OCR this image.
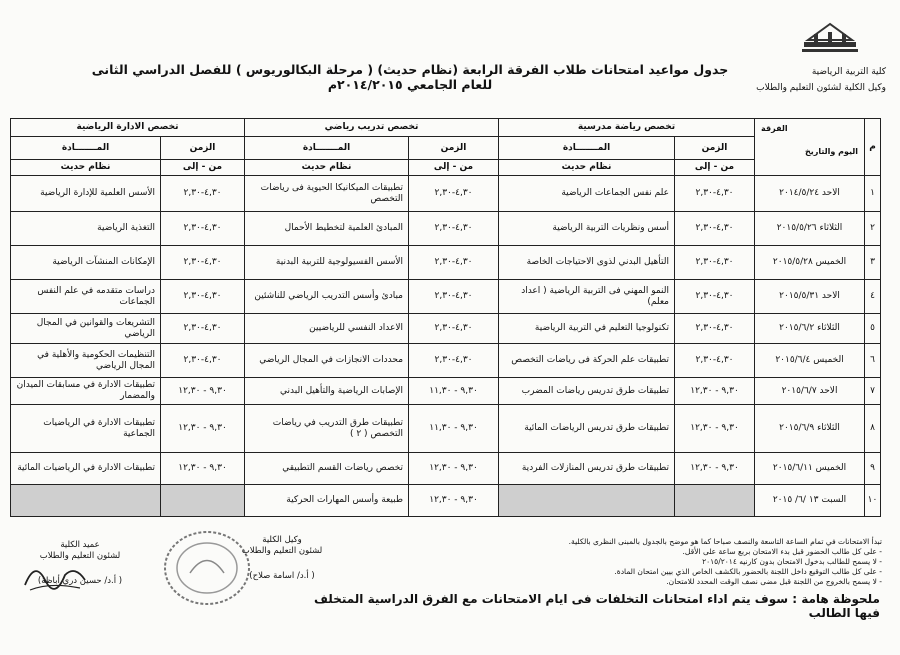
كلية التربية الرياضية
وكيل الكلية لشئون التعليم والطلاب
جدول مواعيد امتحانات طلاب الفرقة الرابعة (نظام حديث) ( مرحلة البكالوريوس ) للفصل الدراسي الثانى للعام الجامعي ٢٠١٤/٢٠١٥م
م	الفرقة
اليوم والتاريخ	تخصص رياضة مدرسية		تخصص تدريب رياضي		تخصص الادارة الرياضية	
		الزمن	المـــــــادة	الزمن	المـــــــادة	الزمن	المـــــــادة
		من - إلى	نظام حديث	من - إلى	نظام حديث	من - إلى	نظام حديث
١	الاحد ٢٠١٤/٥/٢٤	٤,٣٠-٢,٣٠	علم نفس الجماعات الرياضية	٤,٣٠-٢,٣٠	تطبيقات الميكانيكا الحيوية فى رياضات التخصص	٤,٣٠-٢,٣٠	الأسس العلمية للإدارة الرياضية
٢	الثلاثاء ٢٠١٥/٥/٢٦	٤,٣٠-٢,٣٠	أسس ونظريات التربية الرياضية	٤,٣٠-٢,٣٠	المبادئ العلمية لتخطيط الأحمال	٤,٣٠-٢,٣٠	التغذية الرياضية
٣	الخميس ٢٠١٥/٥/٢٨	٤,٣٠-٢,٣٠	التأهيل البدني لذوى الاحتياجات الخاصة	٤,٣٠-٢,٣٠	الأسس الفسيولوجية للتربية البدنية	٤,٣٠-٢,٣٠	الإمكانات المنشآت الرياضية
٤	الاحد ٢٠١٥/٥/٣١	٤,٣٠-٢,٣٠	النمو المهني فى التربية الرياضية ( اعداد معلم)	٤,٣٠-٢,٣٠	مبادئ وأسس التدريب الرياضي للناشئين	٤,٣٠-٢,٣٠	دراسات متقدمه في علم النفس الجماعات
٥	الثلاثاء ٢٠١٥/٦/٢	٤,٣٠-٢,٣٠	تكنولوجيا التعليم في التربية الرياضية	٤,٣٠-٢,٣٠	الاعداد النفسي للرياضيين	٤,٣٠-٢,٣٠	التشريعات والقوانين في المجال الرياضي
٦	الخميس ٢٠١٥/٦/٤	٤,٣٠-٢,٣٠	تطبيقات علم الحركة فى رياضات التخصص	٤,٣٠-٢,٣٠	محددات الانجازات في المجال الرياضي	٤,٣٠-٢,٣٠	التنظيمات الحكومية والأهلية في المجال الرياضي
٧	الاحد ٢٠١٥/٦/٧	٩,٣٠ - ١٢,٣٠	تطبيقات طرق تدريس رياضات المضرب	٩,٣٠ - ١١,٣٠	الإصابات الرياضية والتأهيل البدني	٩,٣٠ - ١٢,٣٠	تطبيقات الادارة في مسابقات الميدان والمضمار
٨	الثلاثاء ٢٠١٥/٦/٩	٩,٣٠ - ١٢,٣٠	تطبيقات طرق تدريس الرياضات المائية	٩,٣٠ - ١١,٣٠	تطبيقات طرق التدريب في رياضات التخصص ( ٢ )	٩,٣٠ - ١٢,٣٠	تطبيقات الادارة في الرياضيات الجماعية
٩	الخميس ٢٠١٥/٦/١١	٩,٣٠ - ١٢,٣٠	تطبيقات طرق تدريس المنازلات الفردية	٩,٣٠ - ١٢,٣٠	تخصص رياضات القسم التطبيقي	٩,٣٠ - ١٢,٣٠	تطبيقات الادارة في الرياضيات المائية
١٠	السبت ١٣ /٦/ ٢٠١٥			٩,٣٠ - ١٢,٣٠	طبيعة وأسس المهارات الحركية		
تبدأ الامتحانات في تمام الساعة التاسعة والنصف صباحا كما هو موضح بالجدول بالمبنى النظرى بالكلية.
- على كل طالب الحضور قبل بدء الامتحان بربع ساعة على الأقل.
- لا يسمح للطالب بدخول الامتحان بدون كارنيه ٢٠١٥/٢٠١٤
- على كل طالب التوقيع داخل اللجنة بالحضور بالكشف الخاص الذي بيين امتحان المادة.
- لا يسمح بالخروج من اللجنة قبل مضى نصف الوقت المحدد للامتحان.
وكيل الكلية
لشئون التعليم والطلاب
( أ.د/ اسامة صلاح)
عميد الكلية
لشئون التعليم والطلاب
( أ.د/ حسين دري أباظة)
ملحوظة هامة : سوف يتم اداء امتحانات التخلفات فى ايام الامتحانات مع الفرق الدراسية المتخلف فيها الطالب
